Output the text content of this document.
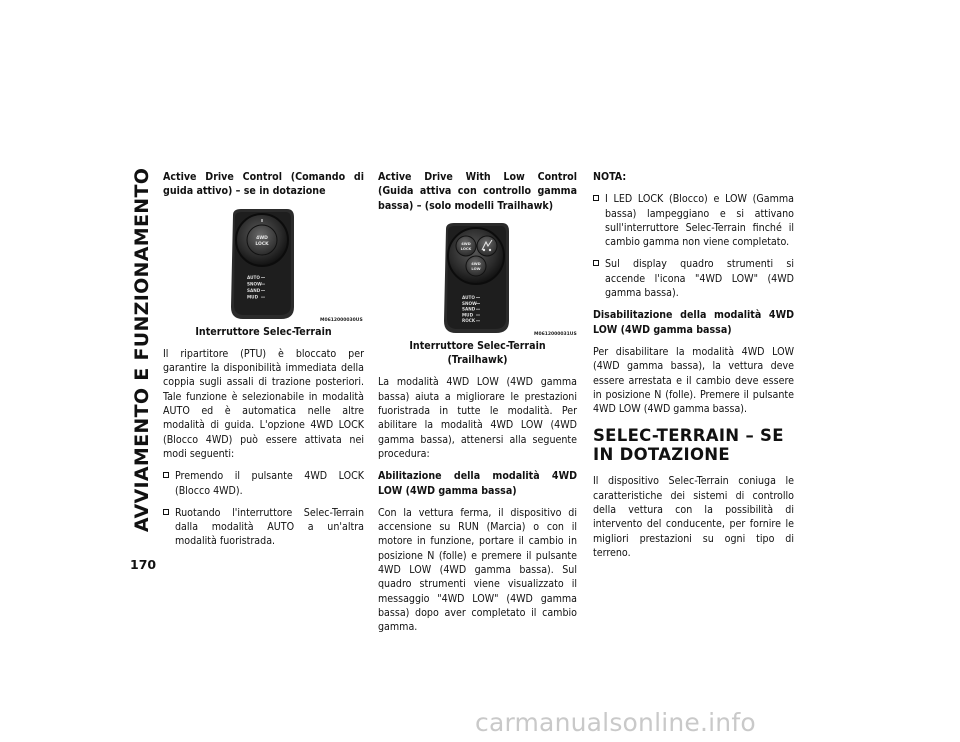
AVVIAMENTO E FUNZIONAMENTO
170
Active Drive Control (Comando di guida attivo) – se in dotazione
4WD
LOCK
AUTO
SNOW
SAND
MUD
M0612000030US
Interruttore Selec-Terrain

Il ripartitore (PTU) è bloccato per garantire la disponibilità immediata della coppia sugli assali di trazione posteriori. Tale funzione è selezionabile in modalità AUTO ed è automatica nelle altre modalità di guida. L'opzione 4WD LOCK (Blocco 4WD) può essere attivata nei modi seguenti:

Premendo il pulsante 4WD LOCK (Blocco 4WD).
Ruotando l'interruttore Selec-Terrain dalla modalità AUTO a un'altra modalità fuoristrada.
Active Drive With Low Control (Guida attiva con controllo gamma bassa) – (solo modelli Trailhawk)
4WD
LOCK
4WD
LOW
AUTO
SNOW
SAND
MUD
ROCK
M0612000031US
Interruttore Selec-Terrain (Trailhawk)

La modalità 4WD LOW (4WD gamma bassa) aiuta a migliorare le prestazioni fuoristrada in tutte le modalità. Per abilitare la modalità 4WD LOW (4WD gamma bassa), attenersi alla seguente procedura:

Abilitazione della modalità 4WD LOW (4WD gamma bassa)

Con la vettura ferma, il dispositivo di accensione su RUN (Marcia) o con il motore in funzione, portare il cambio in posizione N (folle) e premere il pulsante 4WD LOW (4WD gamma bassa). Sul quadro strumenti viene visualizzato il messaggio "4WD LOW" (4WD gamma bassa) dopo aver completato il cambio gamma.

NOTA:
I LED LOCK (Blocco) e LOW (Gamma bassa) lampeggiano e si attivano sull'interruttore Selec-Terrain finché il cambio gamma non viene completato.
Sul display quadro strumenti si accende l'icona "4WD LOW" (4WD gamma bassa).
Disabilitazione della modalità 4WD LOW (4WD gamma bassa)

Per disabilitare la modalità 4WD LOW (4WD gamma bassa), la vettura deve essere arrestata e il cambio deve essere in posizione N (folle). Premere il pulsante 4WD LOW (4WD gamma bassa).

SELEC-TERRAIN – SE IN DOTAZIONE

Il dispositivo Selec-Terrain coniuga le caratteristiche dei sistemi di controllo della vettura con la possibilità di intervento del conducente, per fornire le migliori prestazioni su ogni tipo di terreno.

carmanualsonline.info
